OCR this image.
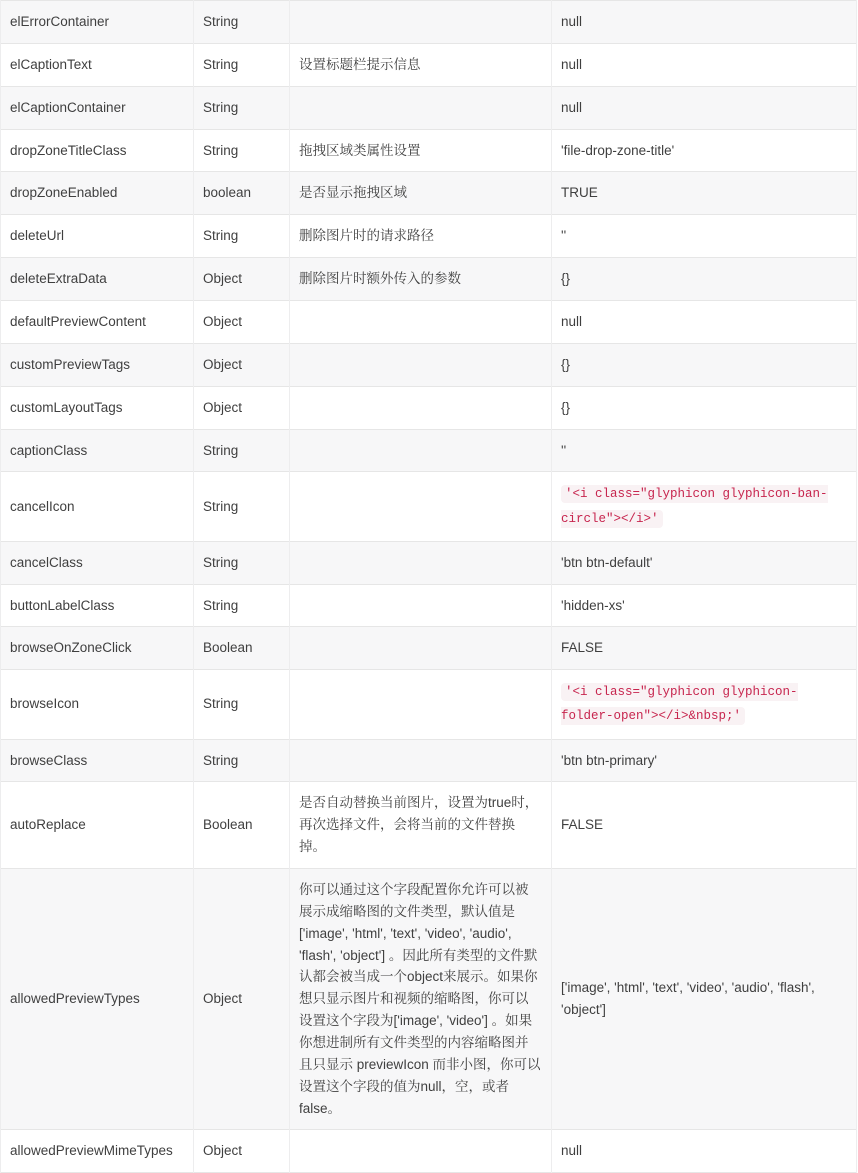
elErrorContainer	String		null
elCaptionText	String	设置标题栏提示信息	null
elCaptionContainer	String		null
dropZoneTitleClass	String	拖拽区域类属性设置	'file-drop-zone-title'
dropZoneEnabled	boolean	是否显示拖拽区域	TRUE
deleteUrl	String	删除图片时的请求路径	''
deleteExtraData	Object	删除图片时额外传入的参数	{}
defaultPreviewContent	Object		null
customPreviewTags	Object		{}
customLayoutTags	Object		{}
captionClass	String		''
cancelIcon	String		'<i class="glyphicon glyphicon-ban-circle"></i>'
cancelClass	String		'btn btn-default'
buttonLabelClass	String		'hidden-xs'
browseOnZoneClick	Boolean		FALSE
browseIcon	String		'<i class="glyphicon glyphicon-folder-open"></i>&nbsp;'
browseClass	String		'btn btn-primary'
autoReplace	Boolean	是否自动替换当前图片，设置为true时，再次选择文件，会将当前的文件替换掉。	FALSE
allowedPreviewTypes	Object	你可以通过这个字段配置你允许可以被展示成缩略图的文件类型，默认值是['image', 'html', 'text', 'video', 'audio', 'flash', 'object'] 。因此所有类型的文件默认都会被当成一个object来展示。如果你想只显示图片和视频的缩略图，你可以设置这个字段为['image', 'video'] 。如果你想进制所有文件类型的内容缩略图并且只显示 previewIcon 而非小图，你可以设置这个字段的值为null，空，或者false。	['image', 'html', 'text', 'video', 'audio', 'flash', 'object']
allowedPreviewMimeTypes	Object		null
